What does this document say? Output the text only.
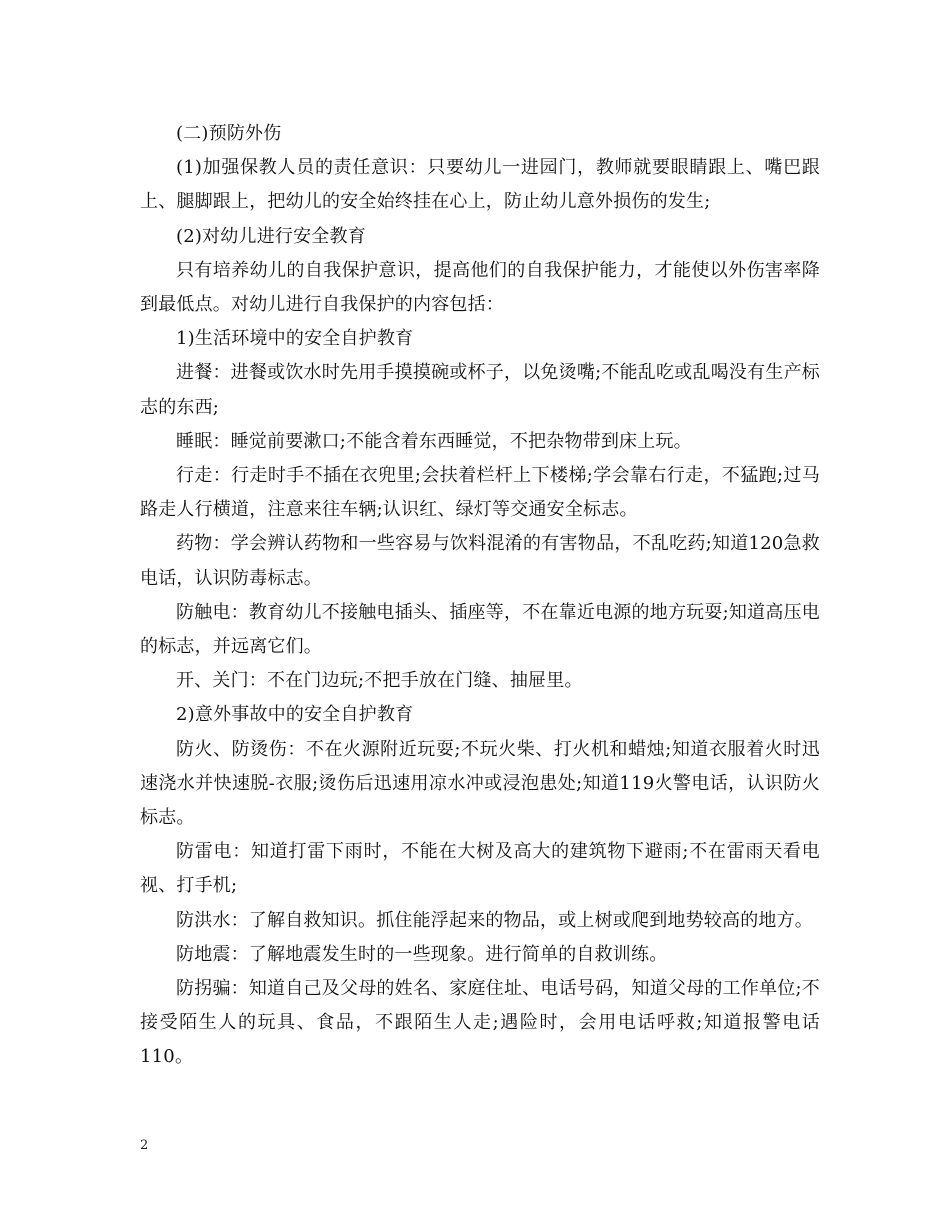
(二)预防外伤

(1)加强保教人员的责任意识：只要幼儿一进园门，教师就要眼睛跟上、嘴巴跟上、腿脚跟上，把幼儿的安全始终挂在心上，防止幼儿意外损伤的发生;

(2)对幼儿进行安全教育

只有培养幼儿的自我保护意识，提高他们的自我保护能力，才能使以外伤害率降到最低点。对幼儿进行自我保护的内容包括：

1)生活环境中的安全自护教育

进餐：进餐或饮水时先用手摸摸碗或杯子，以免烫嘴;不能乱吃或乱喝没有生产标志的东西;

睡眠：睡觉前要漱口;不能含着东西睡觉，不把杂物带到床上玩。

行走：行走时手不插在衣兜里;会扶着栏杆上下楼梯;学会靠右行走，不猛跑;过马路走人行横道，注意来往车辆;认识红、绿灯等交通安全标志。

药物：学会辨认药物和一些容易与饮料混淆的有害物品，不乱吃药;知道120急救电话，认识防毒标志。

防触电：教育幼儿不接触电插头、插座等，不在靠近电源的地方玩耍;知道高压电的标志，并远离它们。

开、关门：不在门边玩;不把手放在门缝、抽屉里。

2)意外事故中的安全自护教育

防火、防烫伤：不在火源附近玩耍;不玩火柴、打火机和蜡烛;知道衣服着火时迅速浇水并快速脱-衣服;烫伤后迅速用凉水冲或浸泡患处;知道119火警电话，认识防火标志。

防雷电：知道打雷下雨时，不能在大树及高大的建筑物下避雨;不在雷雨天看电视、打手机;

防洪水：了解自救知识。抓住能浮起来的物品，或上树或爬到地势较高的地方。

防地震：了解地震发生时的一些现象。进行简单的自救训练。

防拐骗：知道自己及父母的姓名、家庭住址、电话号码，知道父母的工作单位;不接受陌生人的玩具、食品，不跟陌生人走;遇险时，会用电话呼救;知道报警电话110。

2
